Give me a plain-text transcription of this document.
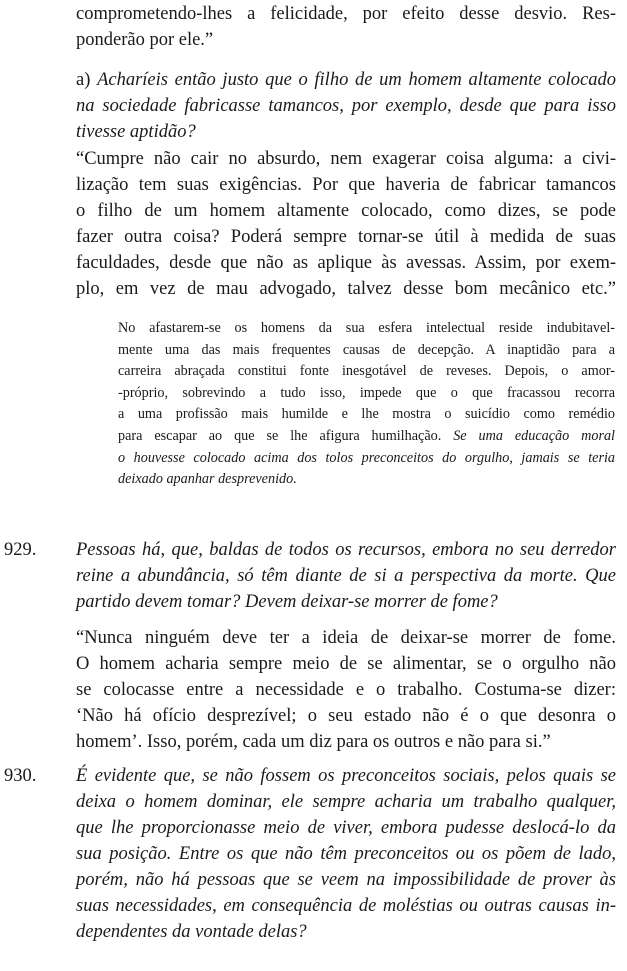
comprometendo-lhes a felicidade, por efeito desse desvio. Res-
ponderão por ele.”
a) Acharíeis então justo que o filho de um homem altamente colocado
na sociedade fabricasse tamancos, por exemplo, desde que para isso
tivesse aptidão?
“Cumpre não cair no absurdo, nem exagerar coisa alguma: a civi-
lização tem suas exigências. Por que haveria de fabricar tamancos
o filho de um homem altamente colocado, como dizes, se pode
fazer outra coisa? Poderá sempre tornar-se útil à medida de suas
faculdades, desde que não as aplique às avessas. Assim, por exem-
plo, em vez de mau advogado, talvez desse bom mecânico etc.”
No afastarem-se os homens da sua esfera intelectual reside indubitavel-
mente uma das mais frequentes causas de decepção. A inaptidão para a
carreira abraçada constitui fonte inesgotável de reveses. Depois, o amor-
-próprio, sobrevindo a tudo isso, impede que o que fracassou recorra
a uma profissão mais humilde e lhe mostra o suicídio como remédio
para escapar ao que se lhe afigura humilhação. Se uma educação moral
o houvesse colocado acima dos tolos preconceitos do orgulho, jamais se teria
deixado apanhar desprevenido.
929. Pessoas há, que, baldas de todos os recursos, embora no seu derredor
reine a abundância, só têm diante de si a perspectiva da morte. Que
partido devem tomar? Devem deixar-se morrer de fome?
“Nunca ninguém deve ter a ideia de deixar-se morrer de fome.
O homem acharia sempre meio de se alimentar, se o orgulho não
se colocasse entre a necessidade e o trabalho. Costuma-se dizer:
‘Não há ofício desprezível; o seu estado não é o que desonra o
homem’. Isso, porém, cada um diz para os outros e não para si.”
930. É evidente que, se não fossem os preconceitos sociais, pelos quais se
deixa o homem dominar, ele sempre acharia um trabalho qualquer,
que lhe proporcionasse meio de viver, embora pudesse deslocá-lo da
sua posição. Entre os que não têm preconceitos ou os põem de lado,
porém, não há pessoas que se veem na impossibilidade de prover às
suas necessidades, em consequência de moléstias ou outras causas in-
dependentes da vontade delas?
